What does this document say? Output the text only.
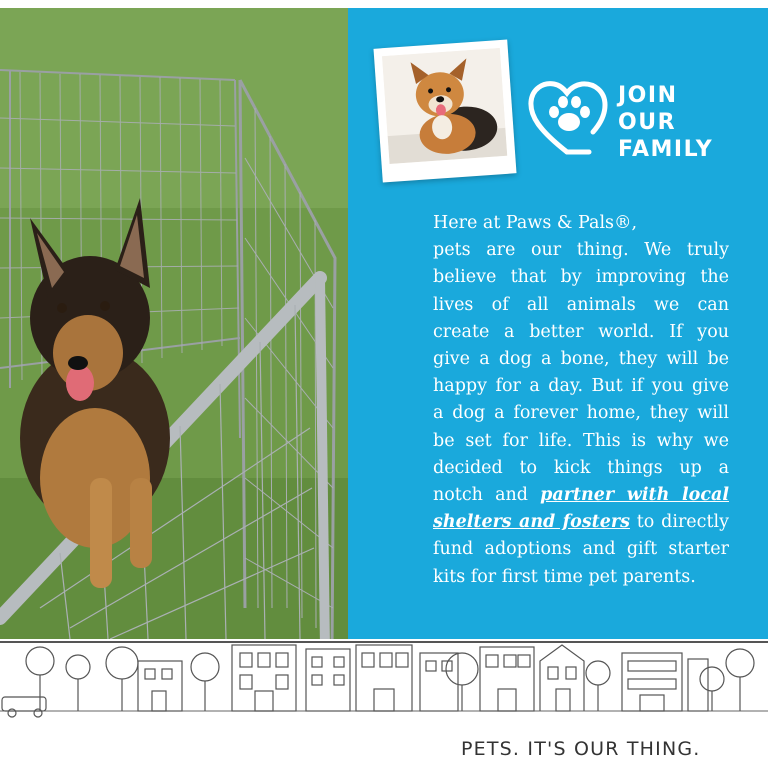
JOIN
OUR
FAMILY
Here at Paws & Pals®,
pets are our thing. We truly
believe that by improving the
lives of all animals we can
create a better world. If you
give a dog a bone, they will be
happy for a day. But if you give
a dog a forever home, they will
be set for life. This is why we
decided to kick things up a
notch and partner with local
shelters and fosters to directly
fund adoptions and gift starter
kits for first time pet parents.
PETS. IT'S OUR THING.
